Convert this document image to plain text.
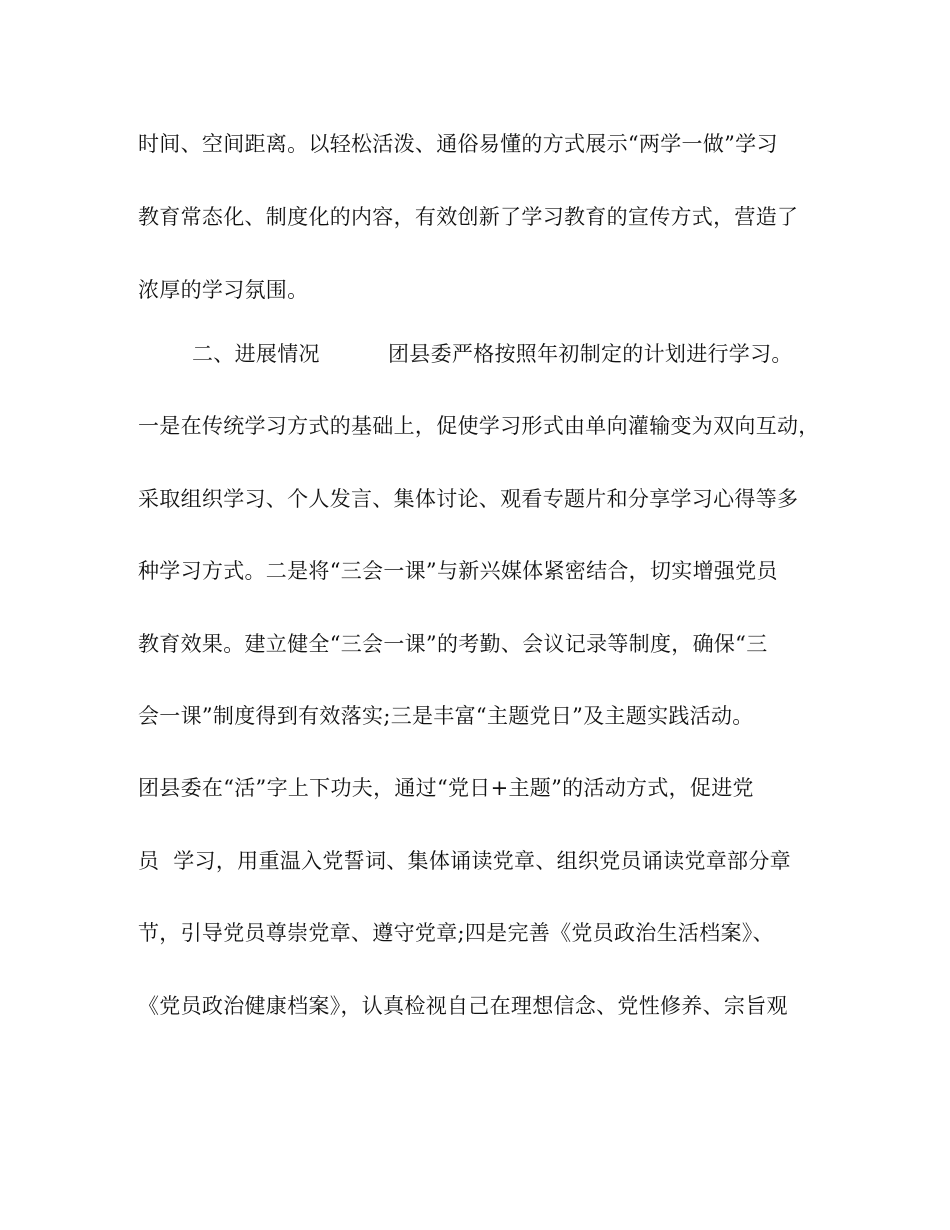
时间、空间距离。以轻松活泼、通俗易懂的方式展示“两学一做”学习
教育常态化、制度化的内容，有效创新了学习教育的宣传方式，营造了
浓厚的学习氛围。
二、进展情况	团县委严格按照年初制定的计划进行学习。
一是在传统学习方式的基础上，促使学习形式由单向灌输变为双向互动，
采取组织学习、个人发言、集体讨论、观看专题片和分享学习心得等多
种学习方式。二是将“三会一课”与新兴媒体紧密结合，切实增强党员
教育效果。建立健全“三会一课”的考勤、会议记录等制度，确保“三
会一课”制度得到有效落实;三是丰富“主题党日”及主题实践活动。
团县委在“活”字上下功夫，通过“党日+主题”的活动方式，促进党
员  学习，用重温入党誓词、集体诵读党章、组织党员诵读党章部分章
节，引导党员尊崇党章、遵守党章;四是完善《党员政治生活档案》、
《党员政治健康档案》，认真检视自己在理想信念、党性修养、宗旨观
